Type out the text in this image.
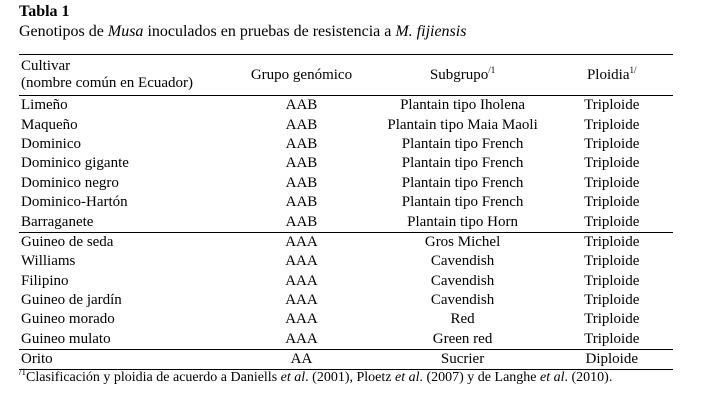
Tabla 1
Genotipos de Musa inoculados en pruebas de resistencia a M. fijiensis
Cultivar
(nombre común en Ecuador)	Grupo genómico	Subgrupo$^{/1}$	Ploidia$^{1/}$
Limeño	AAB	Plantain tipo Iholena	Triploide
Maqueño	AAB	Plantain tipo Maia Maoli	Triploide
Dominico	AAB	Plantain tipo French	Triploide
Dominico gigante	AAB	Plantain tipo French	Triploide
Dominico negro	AAB	Plantain tipo French	Triploide
Dominico-Hartón	AAB	Plantain tipo French	Triploide
Barraganete	AAB	Plantain tipo Horn	Triploide
Guineo de seda	AAA	Gros Michel	Triploide
Williams	AAA	Cavendish	Triploide
Filipino	AAA	Cavendish	Triploide
Guineo de jardín	AAA	Cavendish	Triploide
Guineo morado	AAA	Red	Triploide
Guineo mulato	AAA	Green red	Triploide
Orito	AA	Sucrier	Diploide
$^{/1}$Clasificación y ploidia de acuerdo a Daniells et al. (2001), Ploetz et al. (2007) y de Langhe et al. (2010).
